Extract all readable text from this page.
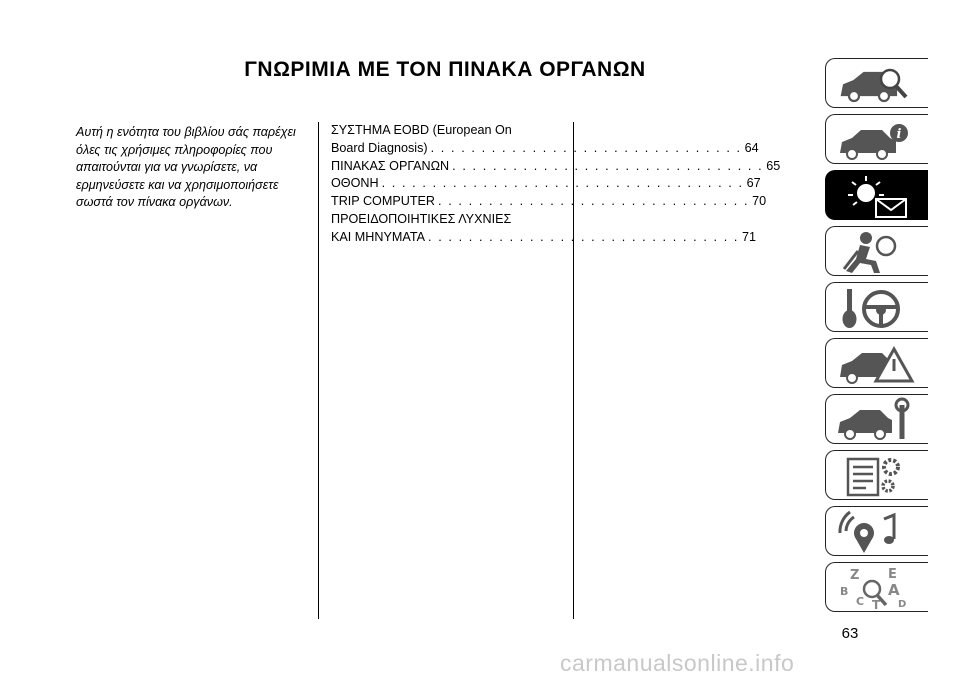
ΓΝΩΡΙΜΙΑ ΜΕ ΤΟΝ ΠΙΝΑΚΑ ΟΡΓΑΝΩΝ
Αυτή η ενότητα του βιβλίου σάς παρέχει
όλες τις χρήσιμες πληροφορίες που
απαιτούνται για να γνωρίσετε, να
ερμηνεύσετε και να χρησιμοποιήσετε
σωστά τον πίνακα οργάνων.
ΣΥΣΤΗΜΑ EOBD (European On
Board Diagnosis) . . . . . . . . . . . . . . . . . . . . . . . . . . . . . . . 64
ΠΙΝΑΚΑΣ ΟΡΓΑΝΩΝ . . . . . . . . . . . . . . . . . . . . . . . . . . . . . . . 65
ΟΘΟΝΗ . . . . . . . . . . . . . . . . . . . . . . . . . . . . . . . . . . . . 67
TRIP COMPUTER . . . . . . . . . . . . . . . . . . . . . . . . . . . . . . . 70
ΠΡΟΕΙΔΟΠΟΙΗΤΙΚΕΣ ΛΥΧΝΙΕΣ
ΚΑΙ ΜΗΝΥΜΑΤΑ . . . . . . . . . . . . . . . . . . . . . . . . . . . . . . . 71
i
Z E
B	A
C T D
63
carmanualsonline.info
